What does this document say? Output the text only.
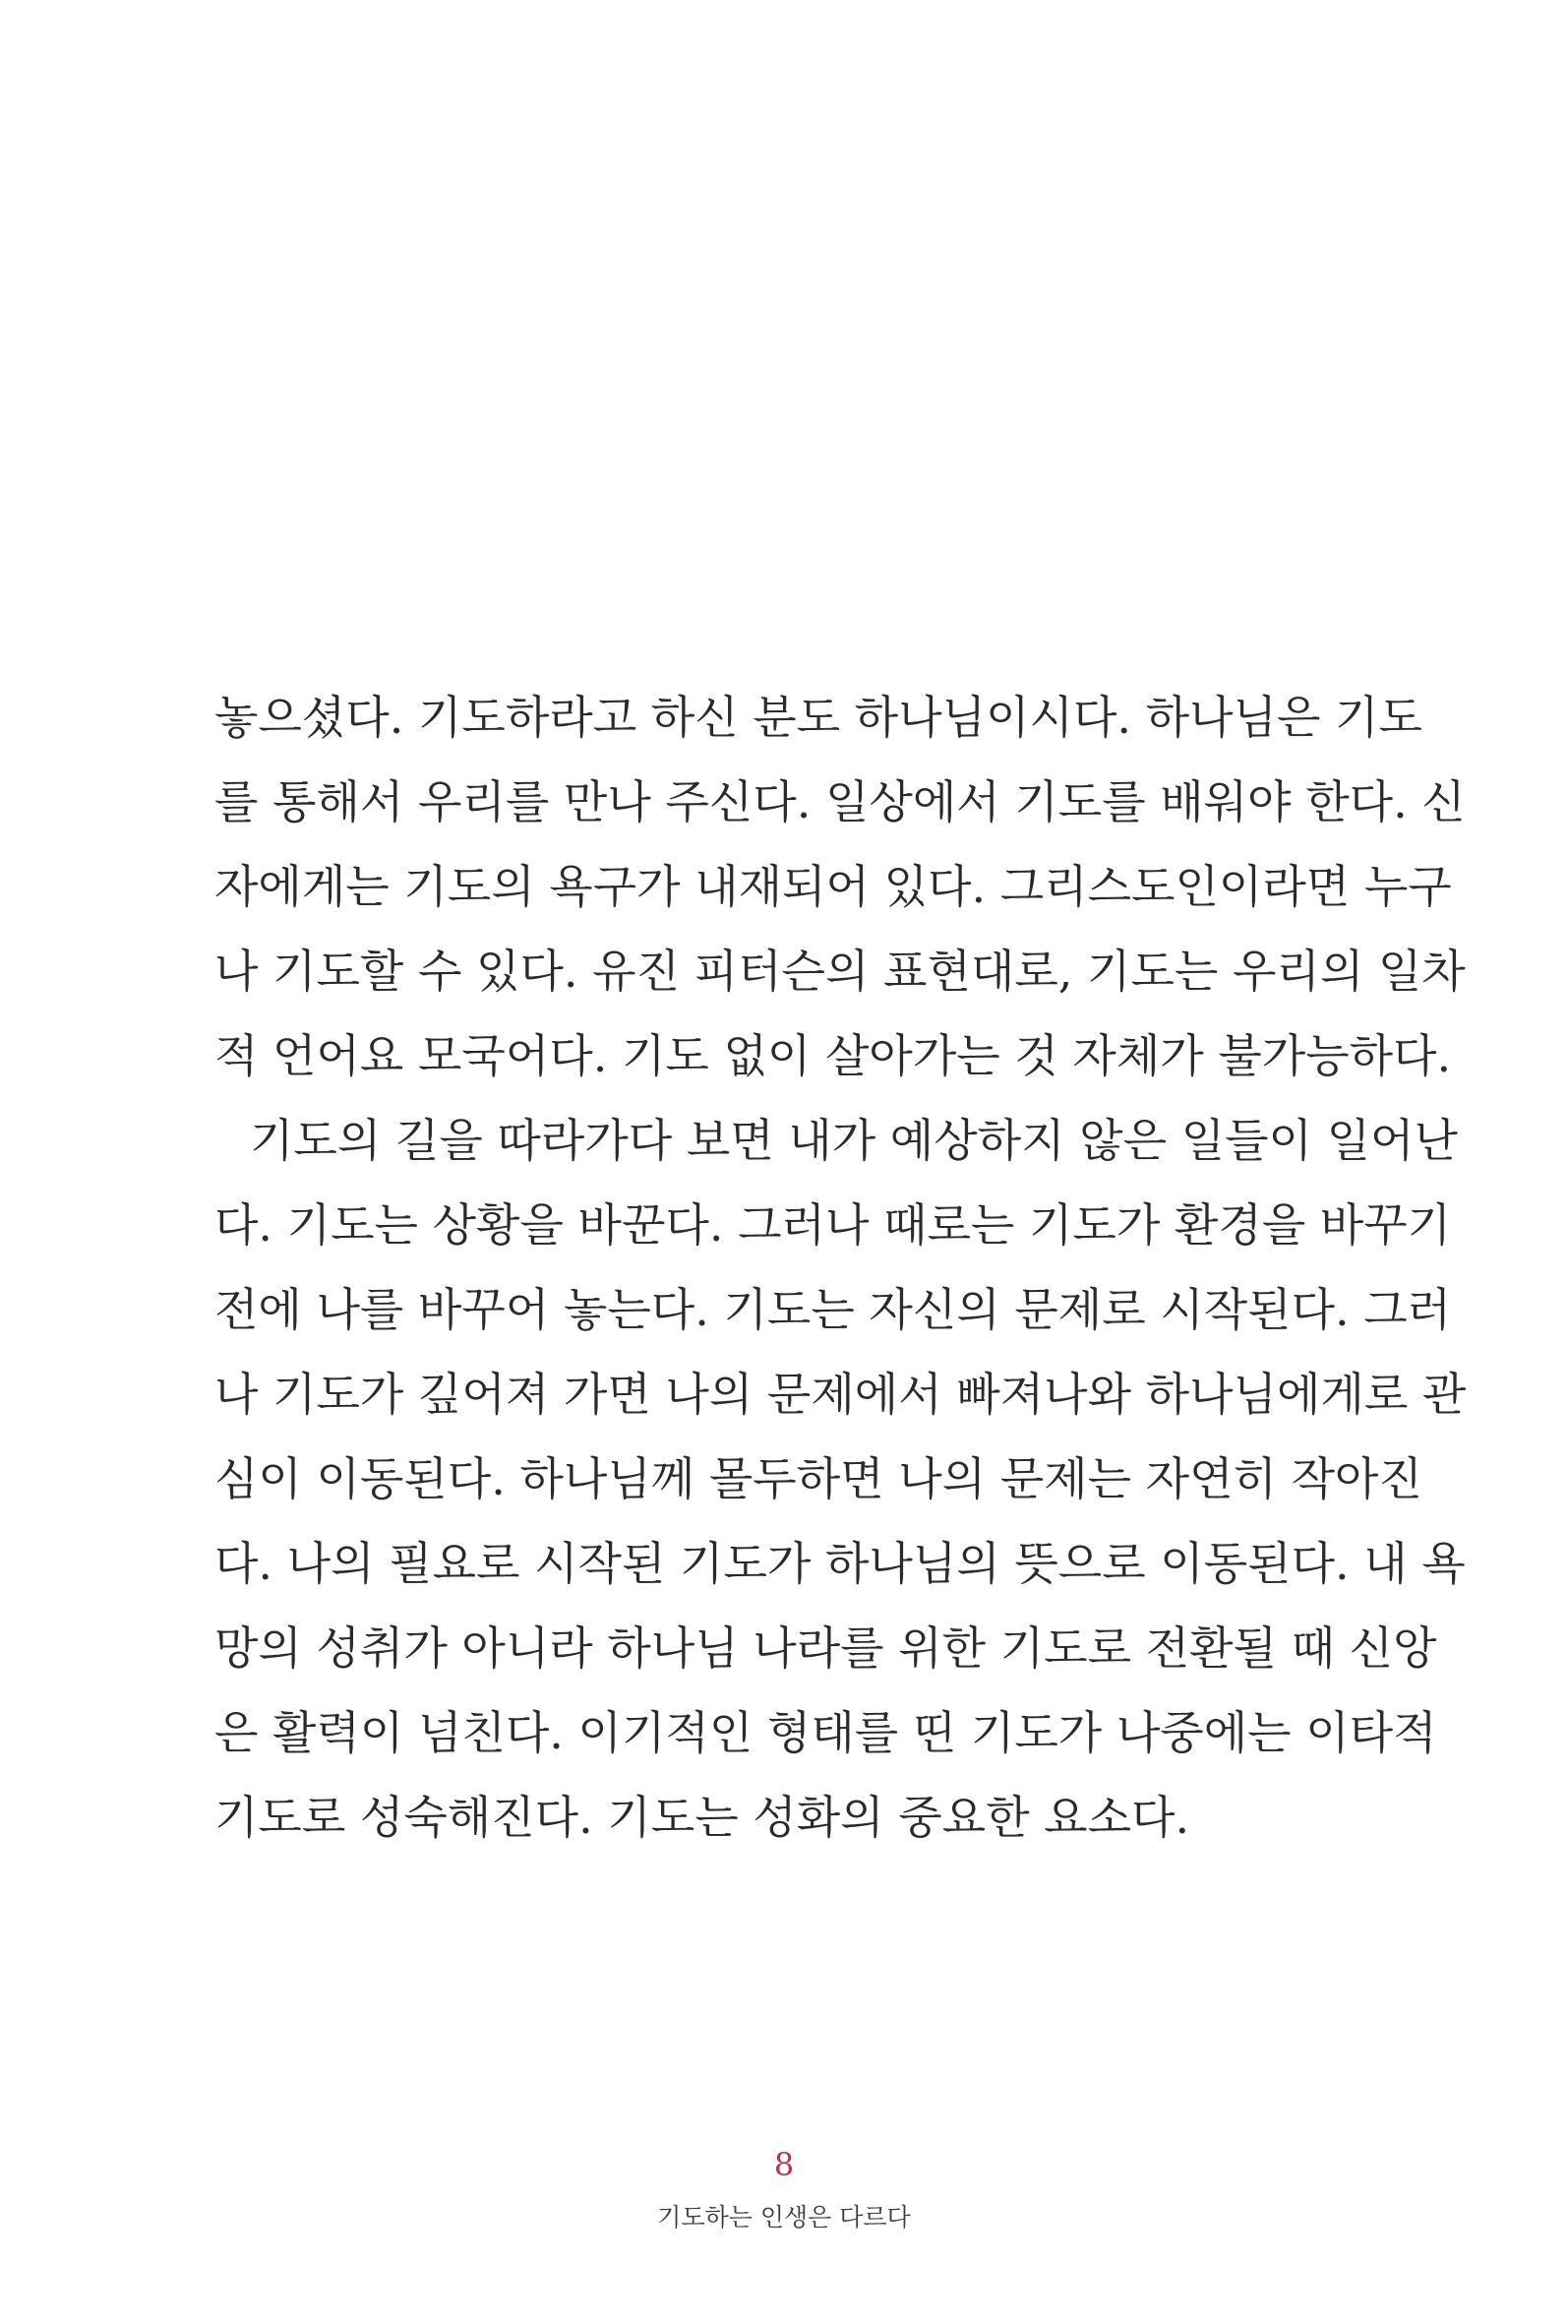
놓으셨다. 기도하라고 하신 분도 하나님이시다. 하나님은 기도
를 통해서 우리를 만나 주신다. 일상에서 기도를 배워야 한다. 신
자에게는 기도의 욕구가 내재되어 있다. 그리스도인이라면 누구
나 기도할 수 있다. 유진 피터슨의 표현대로, 기도는 우리의 일차
적 언어요 모국어다. 기도 없이 살아가는 것 자체가 불가능하다.
기도의 길을 따라가다 보면 내가 예상하지 않은 일들이 일어난
다. 기도는 상황을 바꾼다. 그러나 때로는 기도가 환경을 바꾸기
전에 나를 바꾸어 놓는다. 기도는 자신의 문제로 시작된다. 그러
나 기도가 깊어져 가면 나의 문제에서 빠져나와 하나님에게로 관
심이 이동된다. 하나님께 몰두하면 나의 문제는 자연히 작아진
다. 나의 필요로 시작된 기도가 하나님의 뜻으로 이동된다. 내 욕
망의 성취가 아니라 하나님 나라를 위한 기도로 전환될 때 신앙
은 활력이 넘친다. 이기적인 형태를 띤 기도가 나중에는 이타적
기도로 성숙해진다. 기도는 성화의 중요한 요소다.
8
기도하는 인생은 다르다
